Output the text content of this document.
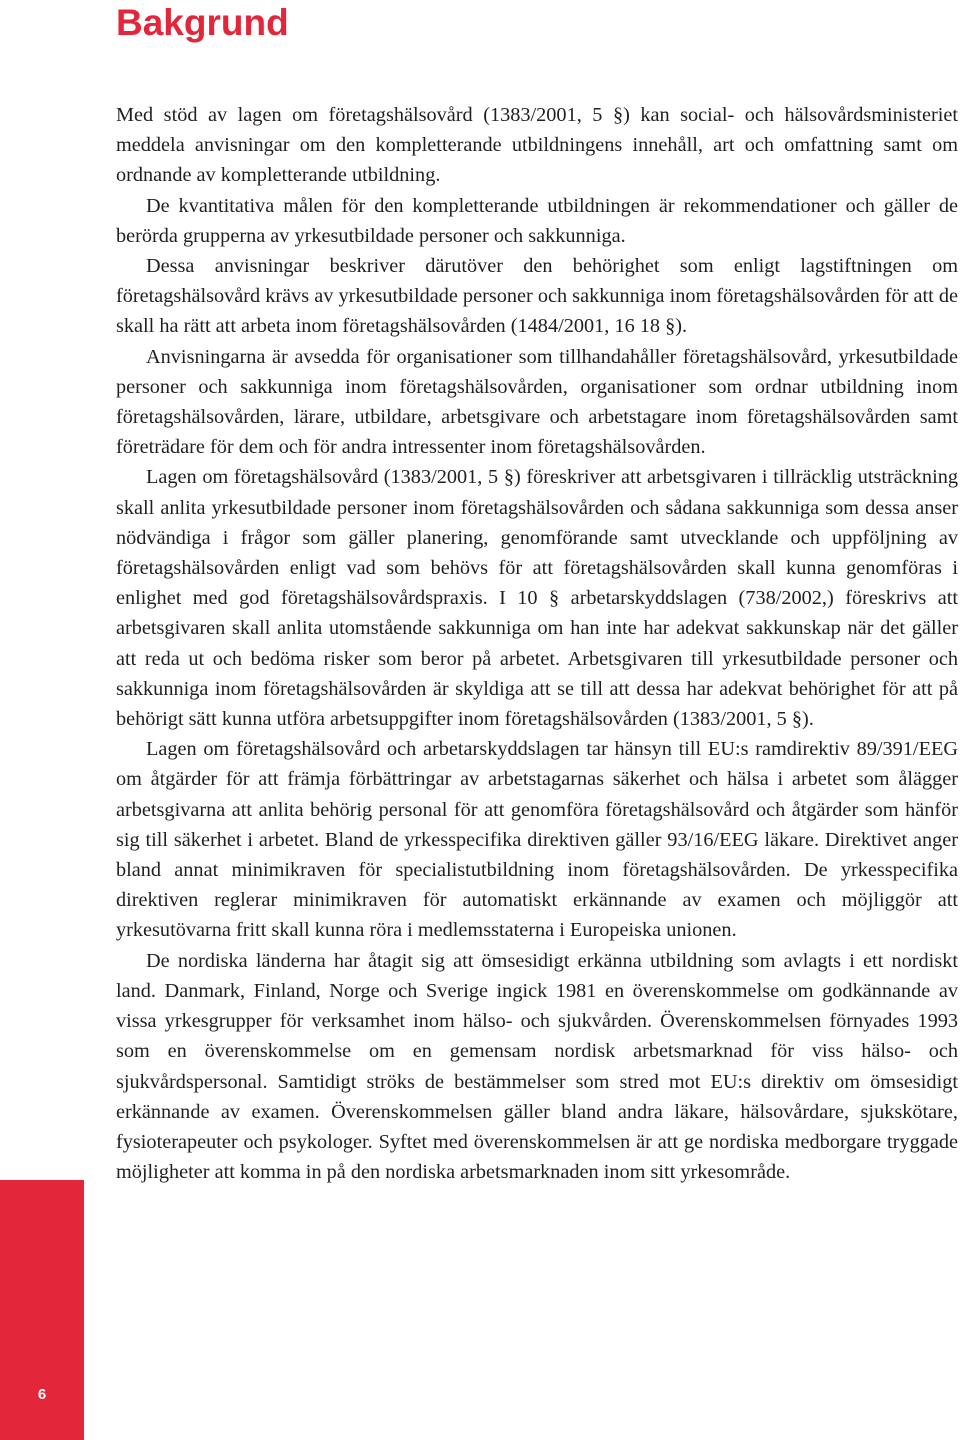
Bakgrund

Med stöd av lagen om företagshälsovård (1383/2001, 5 §) kan social- och hälsovårdsministeriet meddela anvisningar om den kompletterande utbildningens innehåll, art och omfattning samt om ordnande av kompletterande utbildning.

De kvantitativa målen för den kompletterande utbildningen är rekommendationer och gäller de berörda grupperna av yrkesutbildade personer och sakkunniga.

Dessa anvisningar beskriver därutöver den behörighet som enligt lagstiftningen om företagshälsovård krävs av yrkesutbildade personer och sakkunniga inom företagshälsovården för att de skall ha rätt att arbeta inom företagshälsovården (1484/2001, 16 18 §).

Anvisningarna är avsedda för organisationer som tillhandahåller företagshälsovård, yrkesutbildade personer och sakkunniga inom företagshälsovården, organisationer som ordnar utbildning inom företagshälsovården, lärare, utbildare, arbetsgivare och arbetstagare inom företagshälsovården samt företrädare för dem och för andra intressenter inom företagshälsovården.

Lagen om företagshälsovård (1383/2001, 5 §) föreskriver att arbetsgivaren i tillräcklig utsträckning skall anlita yrkesutbildade personer inom företagshälsovården och sådana sakkunniga som dessa anser nödvändiga i frågor som gäller planering, genomförande samt utvecklande och uppföljning av företagshälsovården enligt vad som behövs för att företagshälsovården skall kunna genomföras i enlighet med god företagshälsovårdspraxis. I 10 § arbetarskyddslagen (738/2002,) föreskrivs att arbetsgivaren skall anlita utomstående sakkunniga om han inte har adekvat sakkunskap när det gäller att reda ut och bedöma risker som beror på arbetet. Arbetsgivaren till yrkesutbildade personer och sakkunniga inom företagshälsovården är skyldiga att se till att dessa har adekvat behörighet för att på behörigt sätt kunna utföra arbetsuppgifter inom företagshälsovården (1383/2001, 5 §).

Lagen om företagshälsovård och arbetarskyddslagen tar hänsyn till EU:s ramdirektiv 89/391/EEG om åtgärder för att främja förbättringar av arbetstagarnas säkerhet och hälsa i arbetet som ålägger arbetsgivarna att anlita behörig personal för att genomföra företagshälsovård och åtgärder som hänför sig till säkerhet i arbetet. Bland de yrkesspecifika direktiven gäller 93/16/EEG läkare. Direktivet anger bland annat minimikraven för specialistutbildning inom företagshälsovården. De yrkesspecifika direktiven reglerar minimikraven för automatiskt erkännande av examen och möjliggör att yrkesutövarna fritt skall kunna röra i medlemsstaterna i Europeiska unionen.

De nordiska länderna har åtagit sig att ömsesidigt erkänna utbildning som avlagts i ett nordiskt land. Danmark, Finland, Norge och Sverige ingick 1981 en överenskommelse om godkännande av vissa yrkesgrupper för verksamhet inom hälso- och sjukvården. Överenskommelsen förnyades 1993 som en överenskommelse om en gemensam nordisk arbetsmarknad för viss hälso- och sjukvårdspersonal. Samtidigt ströks de bestämmelser som stred mot EU:s direktiv om ömsesidigt erkännande av examen. Överenskommelsen gäller bland andra läkare, hälsovårdare, sjukskötare, fysioterapeuter och psykologer. Syftet med överenskommelsen är att ge nordiska medborgare tryggade möjligheter att komma in på den nordiska arbetsmarknaden inom sitt yrkesområde.

6
